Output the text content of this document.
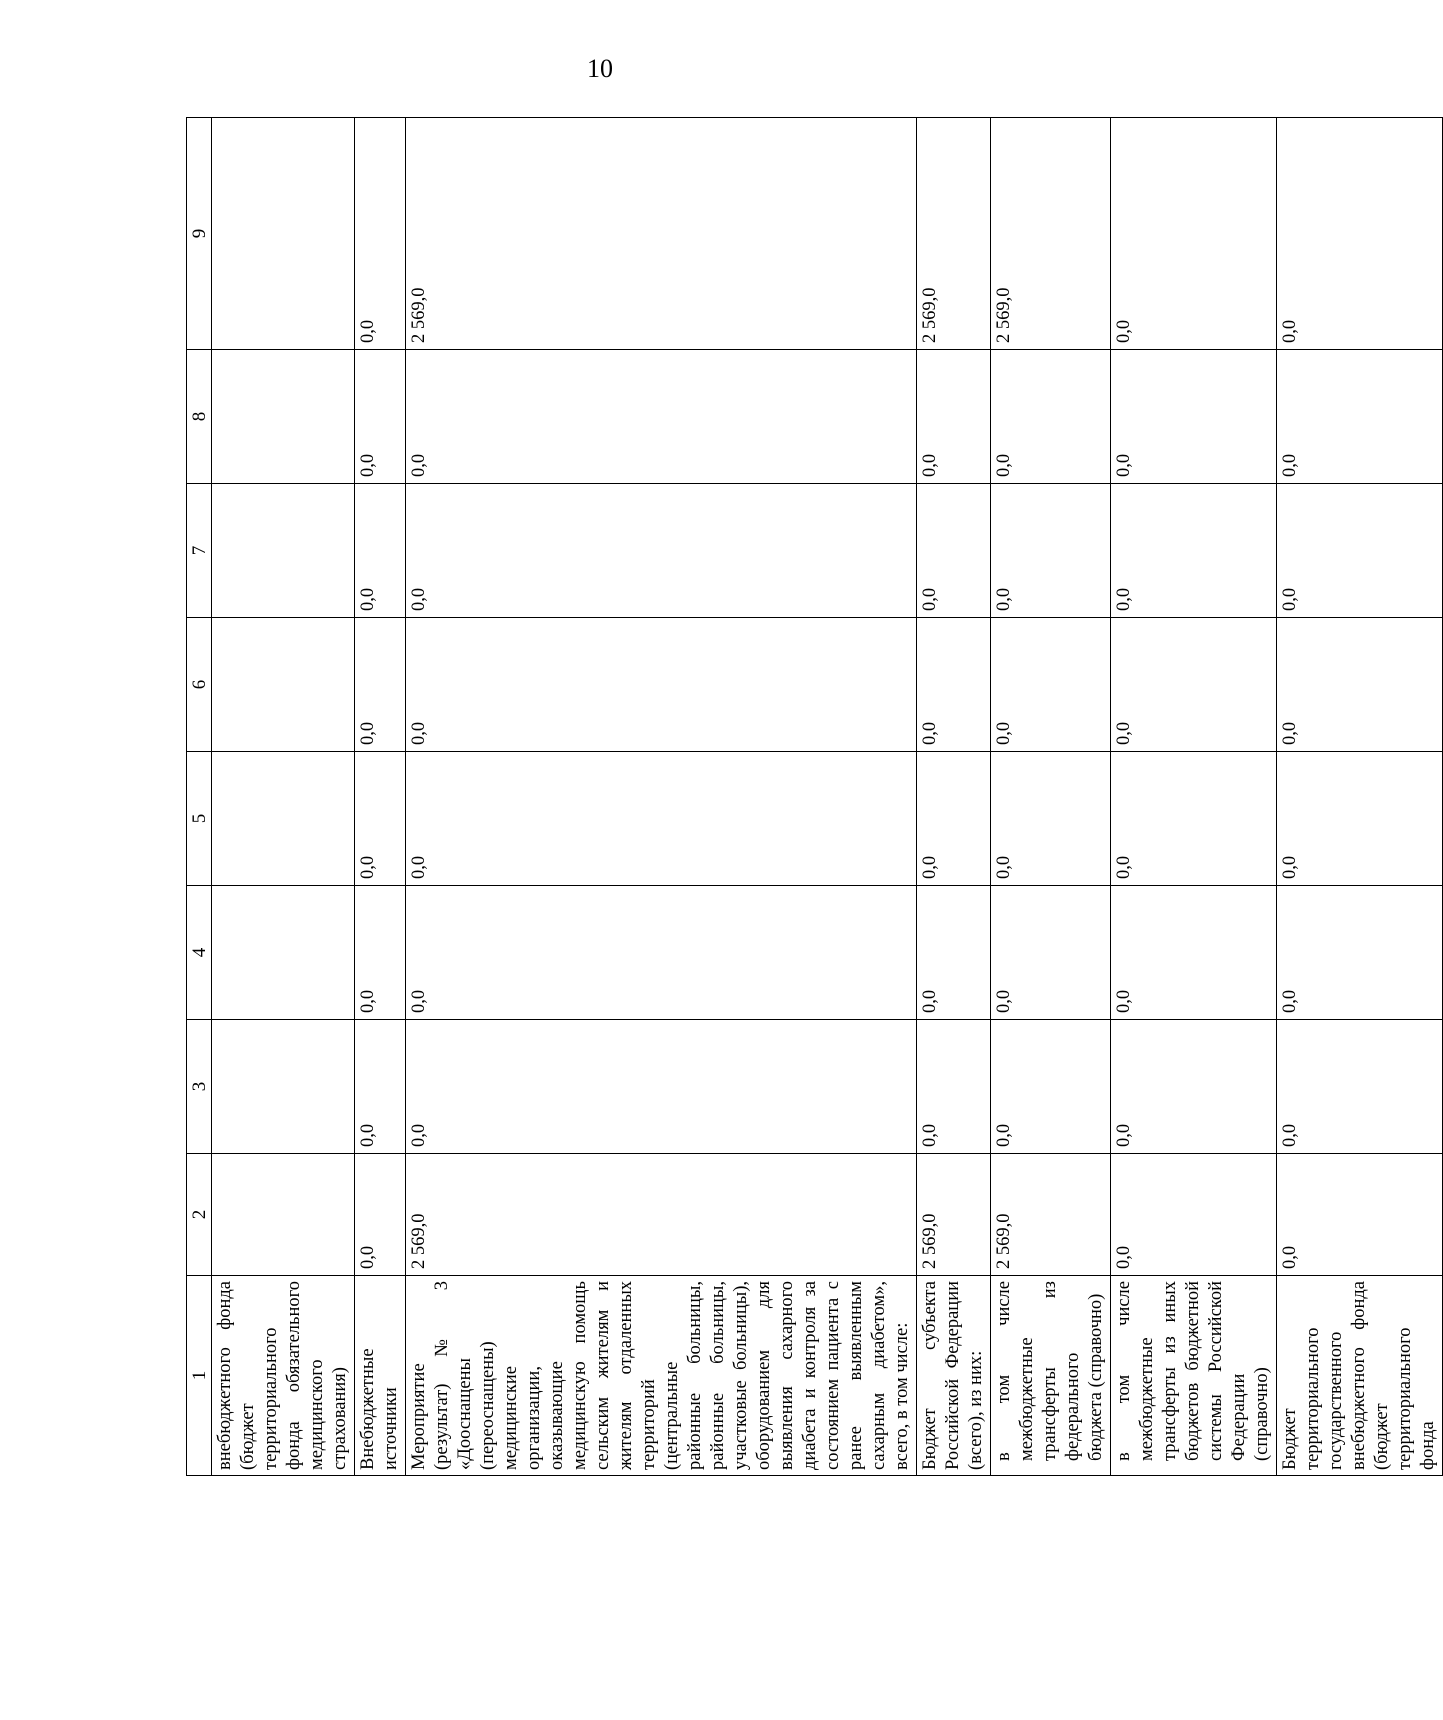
10
1	2	3	4	5	6	7	8	9
внебюджетного фонда (бюджет территориального фонда обязательного медицинского страхования)								
Внебюджетные источники	0,0	0,0	0,0	0,0	0,0	0,0	0,0	0,0
Мероприятие (результат) № 3 «Дооснащены (переоснащены) медицинские организации, оказывающие медицинскую помощь сельским жителям и жителям отдаленных территорий (центральные районные больницы, районные больницы, участковые больницы), оборудованием для выявления сахарного диабета и контроля за состоянием пациента с ранее выявленным сахарным диабетом», всего, в том числе:	2 569,0	0,0	0,0	0,0	0,0	0,0	0,0	2 569,0
Бюджет субъекта Российской Федерации (всего), из них:	2 569,0	0,0	0,0	0,0	0,0	0,0	0,0	2 569,0
в том числе межбюджетные трансферты из федерального бюджета (справочно)	2 569,0	0,0	0,0	0,0	0,0	0,0	0,0	2 569,0
в том числе межбюджетные трансферты из иных бюджетов бюджетной системы Российской Федерации (справочно)	0,0	0,0	0,0	0,0	0,0	0,0	0,0	0,0
Бюджет территориального государственного внебюджетного фонда (бюджет территориального фонда	0,0	0,0	0,0	0,0	0,0	0,0	0,0	0,0
